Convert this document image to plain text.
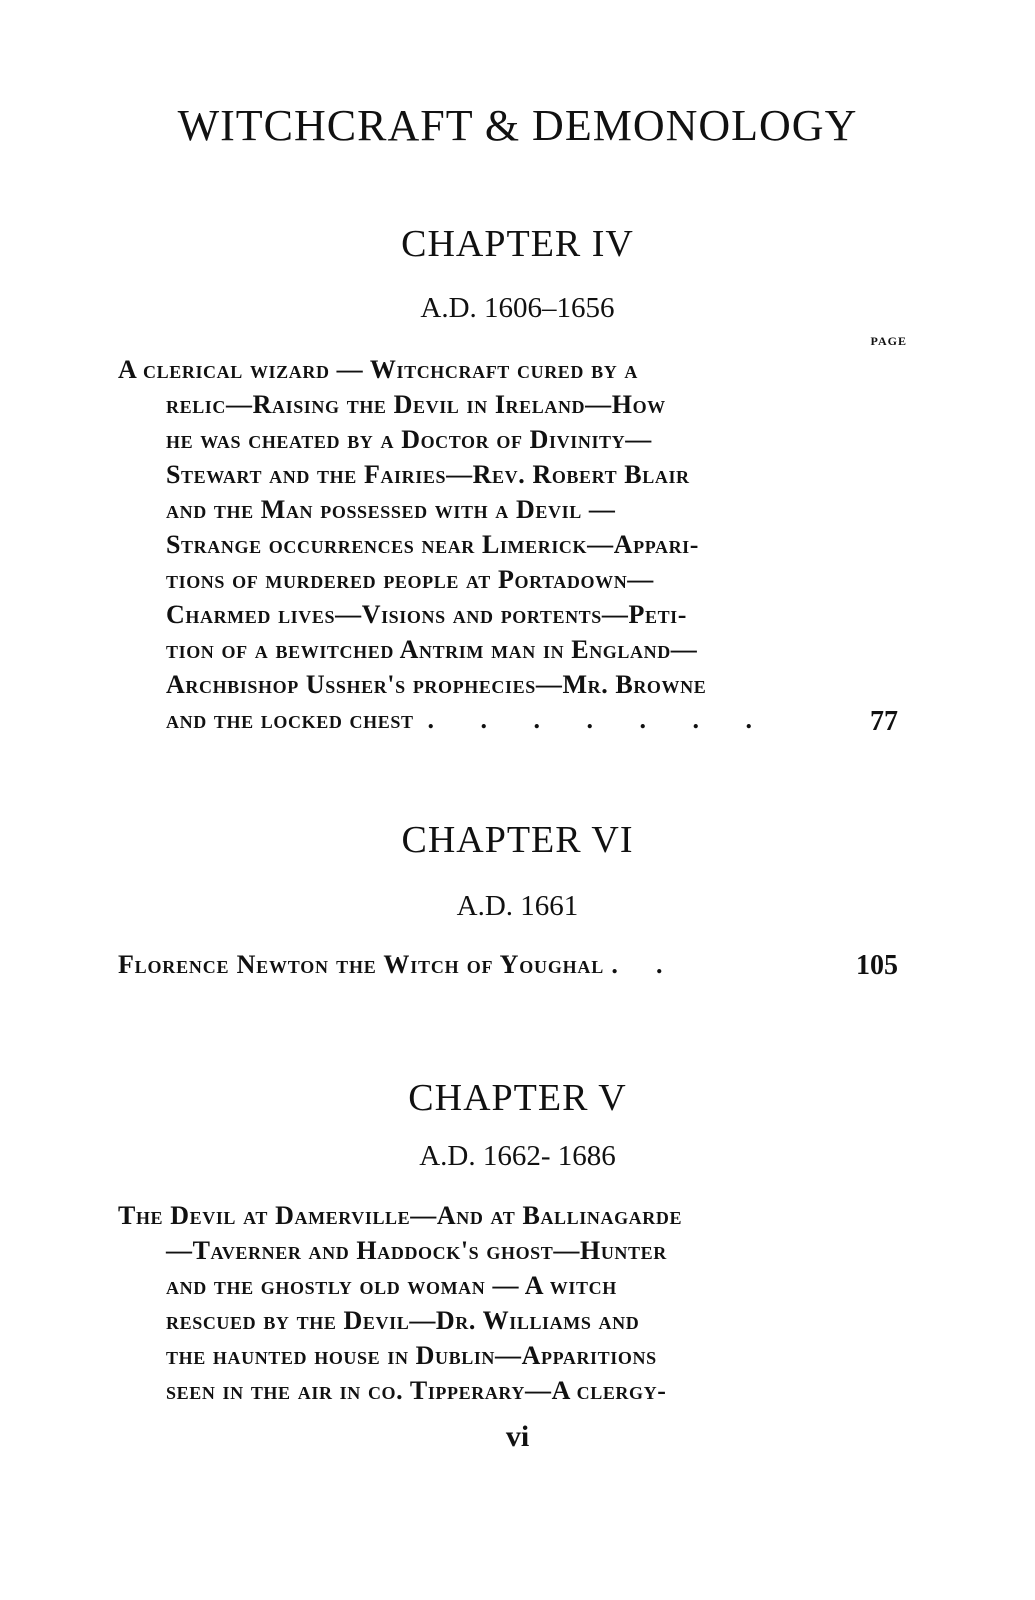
WITCHCRAFT & DEMONOLOGY
CHAPTER IV
A.D. 1606–1656
PAGE
A clerical wizard — Witchcraft cured by a
relic—Raising the Devil in Ireland—How
he was cheated by a Doctor of Divinity—
Stewart and the Fairies—Rev. Robert Blair
and the Man possessed with a Devil —
Strange occurrences near Limerick—Appari-
tions of murdered people at Portadown—
Charmed lives—Visions and portents—Peti-
tion of a bewitched Antrim man in England—
Archbishop Ussher's prophecies—Mr. Browne
and the locked chest . . . . . . .	77
CHAPTER VI
A.D. 1661
Florence Newton the Witch of Youghal . .	105
CHAPTER V
A.D. 1662- 1686
The Devil at Damerville—And at Ballinagarde
—Taverner and Haddock's ghost—Hunter
and the ghostly old woman — A witch
rescued by the Devil—Dr. Williams and
the haunted house in Dublin—Apparitions
seen in the air in co. Tipperary—A clergy-
vi
